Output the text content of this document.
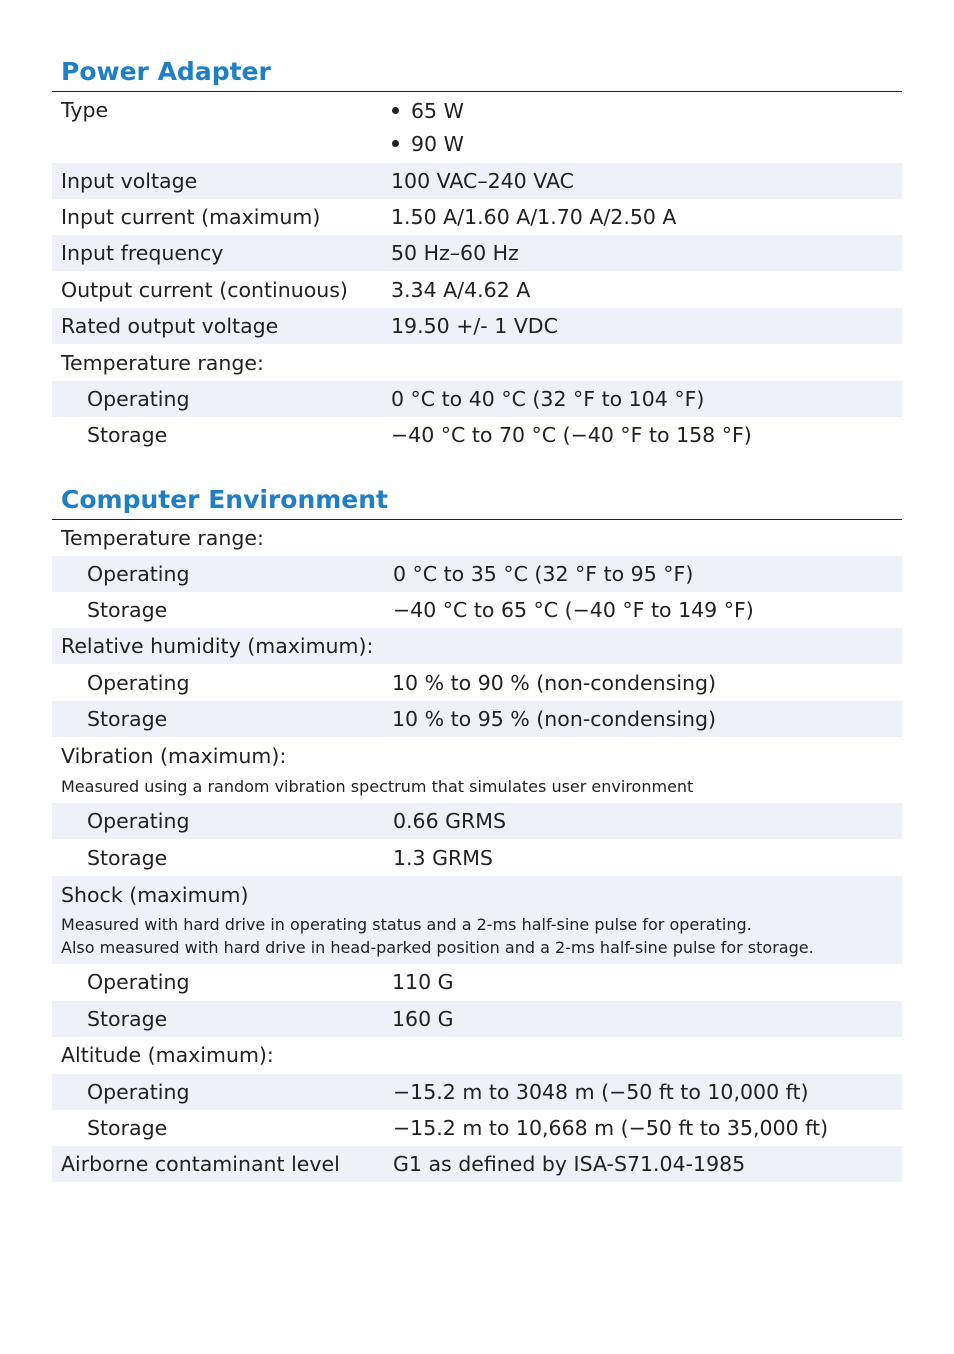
Power Adapter
Type	65 W
90 W
Input voltage	100 VAC–240 VAC
Input current (maximum)	1.50 A/1.60 A/1.70 A/2.50 A
Input frequency	50 Hz–60 Hz
Output current (continuous) 3.34 A/4.62 A
Rated output voltage	19.50 +/- 1 VDC
Temperature range:
Operating	0 °C to 40 °C (32 °F to 104 °F)
Storage	−40 °C to 70 °C (−40 °F to 158 °F)
Computer Environment
Temperature range:
Operating	0 °C to 35 °C (32 °F to 95 °F)
Storage	−40 °C to 65 °C (−40 °F to 149 °F)
Relative humidity (maximum):
Operating	10 % to 90 % (non-condensing)
Storage	10 % to 95 % (non-condensing)
Vibration (maximum):
Measured using a random vibration spectrum that simulates user environment
Operating	0.66 GRMS
Storage	1.3 GRMS
Shock (maximum)
Measured with hard drive in operating status and a 2-ms half-sine pulse for operating.
Also measured with hard drive in head-parked position and a 2-ms half-sine pulse for storage.
Operating	110 G
Storage	160 G
Altitude (maximum):
Operating	−15.2 m to 3048 m (−50 ft to 10,000 ft)
Storage	−15.2 m to 10,668 m (−50 ft to 35,000 ft)
Airborne contaminant level	G1 as defined by ISA-S71.04-1985
